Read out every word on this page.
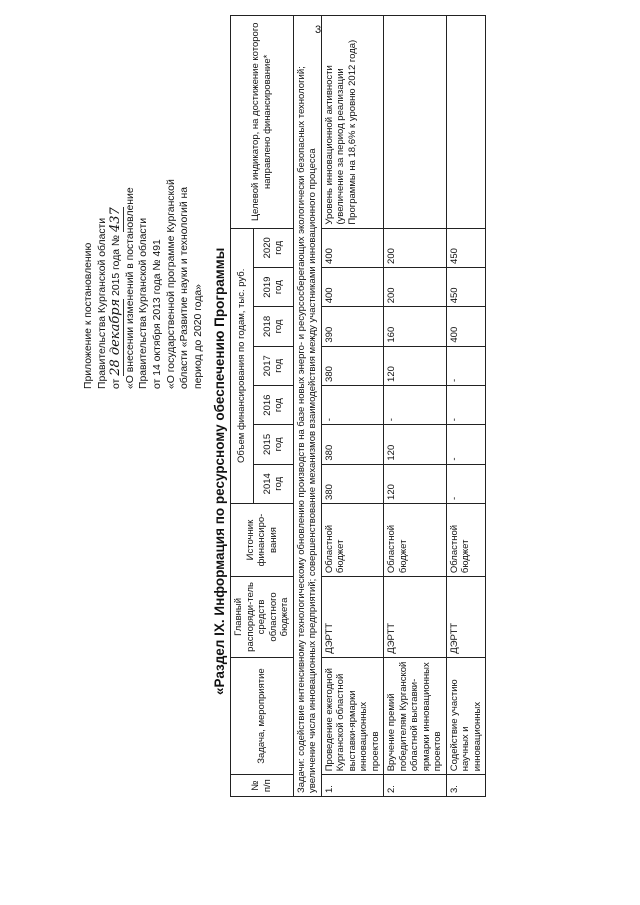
3
Приложение к постановлению Правительства Курганской области от 28 декабря 2015 года № 437 «О внесении изменений в постановление Правительства Курганской области от 14 октября 2013 года № 491 «О государственной программе Курганской области «Развитие науки и технологий на период до 2020 года» «Раздел IX. Информация по ресурсному обеспечению Программы
№ п/п	Задача, мероприятие	Главный распоряди-тель средств областного бюджета	Источник финансиро-вания	Объем финансирования по годам, тыс. руб.							Целевой индикатор, на достижение которого направлено финансирование*
				2014 год	2015 год	2016 год	2017 год	2018 год	2019 год	2020 год	
Задачи: содействие интенсивному технологическому обновлению производств на базе новых энерго- и ресурсосберегающих экологически безопасных технологий; увеличение числа инновационных предприятий; совершенствование механизмов взаимодействия между участниками инновационного процесса											
1.	Проведение ежегодной Курганской областной выставки-ярмарки инновационных проектов	ДЭРТТ	Областной бюджет	380	380	-	380	390	400	400	Уровень инновационной активности (увеличение за период реализации Программы на 18,6% к уровню 2012 года)
2.	Вручение премий победителям Курганской областной выставки-ярмарки инновационных проектов	ДЭРТТ	Областной бюджет	120	120	-	120	160	200	200	
3.	Содействие участию научных и инновационных	ДЭРТТ	Областной бюджет	-	-	-	-	400	450	450	
